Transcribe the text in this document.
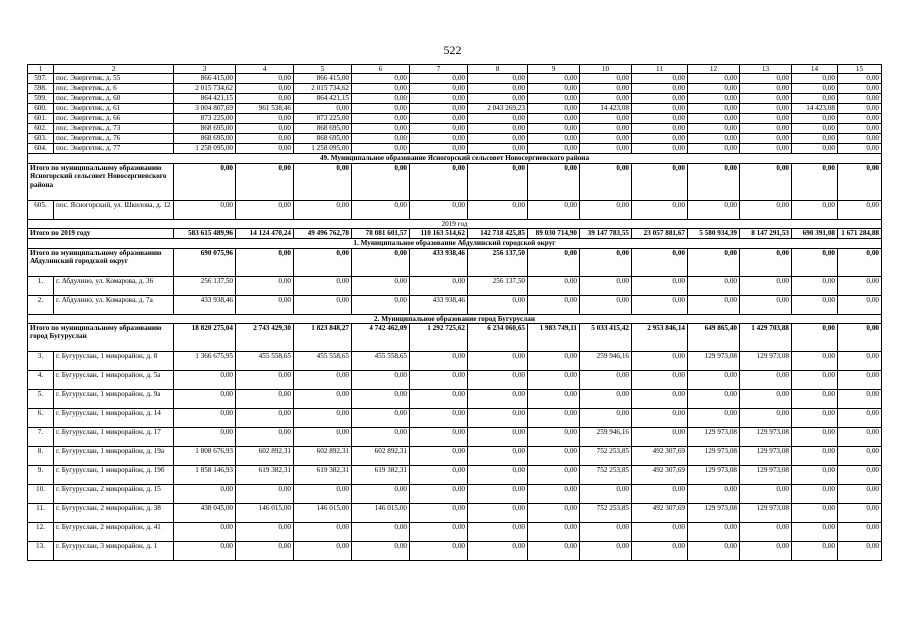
522
1	2	3	4	5	6	7	8	9	10	11	12	13	14	15
597.	пос. Энергетик, д. 55	866 415,00	0,00	866 415,00	0,00	0,00	0,00	0,00	0,00	0,00	0,00	0,00	0,00	0,00
598.	пос. Энергетик, д. 6	2 015 734,62	0,00	2 015 734,62	0,00	0,00	0,00	0,00	0,00	0,00	0,00	0,00	0,00	0,00
599.	пос. Энергетик, д. 60	864 421,15	0,00	864 421,15	0,00	0,00	0,00	0,00	0,00	0,00	0,00	0,00	0,00	0,00
600.	пос. Энергетик, д. 61	3 004 807,69	961 538,46	0,00	0,00	0,00	2 043 269,23	0,00	14 423,08	0,00	0,00	0,00	14 423,08	0,00
601.	пос. Энергетик, д. 66	873 225,00	0,00	873 225,00	0,00	0,00	0,00	0,00	0,00	0,00	0,00	0,00	0,00	0,00
602.	пос. Энергетик, д. 73	868 695,00	0,00	868 695,00	0,00	0,00	0,00	0,00	0,00	0,00	0,00	0,00	0,00	0,00
603.	пос. Энергетик, д. 76	868 695,00	0,00	868 695,00	0,00	0,00	0,00	0,00	0,00	0,00	0,00	0,00	0,00	0,00
604.	пос. Энергетик, д. 77	1 258 095,00	0,00	1 258 095,00	0,00	0,00	0,00	0,00	0,00	0,00	0,00	0,00	0,00	0,00
49. Муниципальное образование Ясногорский сельсовет Новосергиевского района														
Итого по муниципальному образованию Ясногорский сельсовет Новосергиевского района		0,00	0,00	0,00	0,00	0,00	0,00	0,00	0,00	0,00	0,00	0,00	0,00	0,00
605.	пос. Ясногорский, ул. Шкилова, д. 12	0,00	0,00	0,00	0,00	0,00	0,00	0,00	0,00	0,00	0,00	0,00	0,00	0,00
2019 год														
Итого по 2019 году		583 615 489,96	14 124 470,24	49 496 762,78	78 081 601,57	110 163 514,62	142 718 425,85	89 030 714,90	39 147 783,55	23 057 881,67	5 580 934,39	8 147 291,53	690 391,08	1 671 284,88
1. Муниципальное образование Абдулинский городской округ														
Итого по муниципальному образованию Абдулинский городской округ		690 075,96	0,00	0,00	0,00	433 938,46	256 137,50	0,00	0,00	0,00	0,00	0,00	0,00	0,00
1.	г. Абдулино, ул. Комарова, д. 36	256 137,50	0,00	0,00	0,00	0,00	256 137,50	0,00	0,00	0,00	0,00	0,00	0,00	0,00
2.	г. Абдулино, ул. Комарова, д. 7а	433 938,46	0,00	0,00	0,00	433 938,46	0,00	0,00	0,00	0,00	0,00	0,00	0,00	0,00
2. Муниципальное образование город Бугуруслан														
Итого по муниципальному образованию город Бугуруслан		18 820 275,04	2 743 429,30	1 823 848,27	4 742 462,09	1 292 725,62	6 234 060,65	1 983 749,11	5 033 415,42	2 953 846,14	649 865,40	1 429 703,88	0,00	0,00
3.	г. Бугуруслан, 1 микрорайон, д. 8	1 366 675,95	455 558,65	455 558,65	455 558,65	0,00	0,00	0,00	259 946,16	0,00	129 973,08	129 973,08	0,00	0,00
4.	г. Бугуруслан, 1 микрорайон, д. 5а	0,00	0,00	0,00	0,00	0,00	0,00	0,00	0,00	0,00	0,00	0,00	0,00	0,00
5.	г. Бугуруслан, 1 микрорайон, д. 9а	0,00	0,00	0,00	0,00	0,00	0,00	0,00	0,00	0,00	0,00	0,00	0,00	0,00
6.	г. Бугуруслан, 1 микрорайон, д. 14	0,00	0,00	0,00	0,00	0,00	0,00	0,00	0,00	0,00	0,00	0,00	0,00	0,00
7.	г. Бугуруслан, 1 микрорайон, д. 17	0,00	0,00	0,00	0,00	0,00	0,00	0,00	259 946,16	0,00	129 973,08	129 973,08	0,00	0,00
8.	г. Бугуруслан, 1 микрорайон, д. 19а	1 808 676,93	602 892,31	602 892,31	602 892,31	0,00	0,00	0,00	752 253,85	492 307,69	129 973,08	129 973,08	0,00	0,00
9.	г. Бугуруслан, 1 микрорайон, д. 19б	1 858 146,93	619 382,31	619 382,31	619 382,31	0,00	0,00	0,00	752 253,85	492 307,69	129 973,08	129 973,08	0,00	0,00
10.	г. Бугуруслан, 2 микрорайон, д. 15	0,00	0,00	0,00	0,00	0,00	0,00	0,00	0,00	0,00	0,00	0,00	0,00	0,00
11.	г. Бугуруслан, 2 микрорайон, д. 38	438 045,00	146 015,00	146 015,00	146 015,00	0,00	0,00	0,00	752 253,85	492 307,69	129 973,08	129 973,08	0,00	0,00
12.	г. Бугуруслан, 2 микрорайон, д. 41	0,00	0,00	0,00	0,00	0,00	0,00	0,00	0,00	0,00	0,00	0,00	0,00	0,00
13.	г. Бугуруслан, 3 микрорайон, д. 1	0,00	0,00	0,00	0,00	0,00	0,00	0,00	0,00	0,00	0,00	0,00	0,00	0,00
